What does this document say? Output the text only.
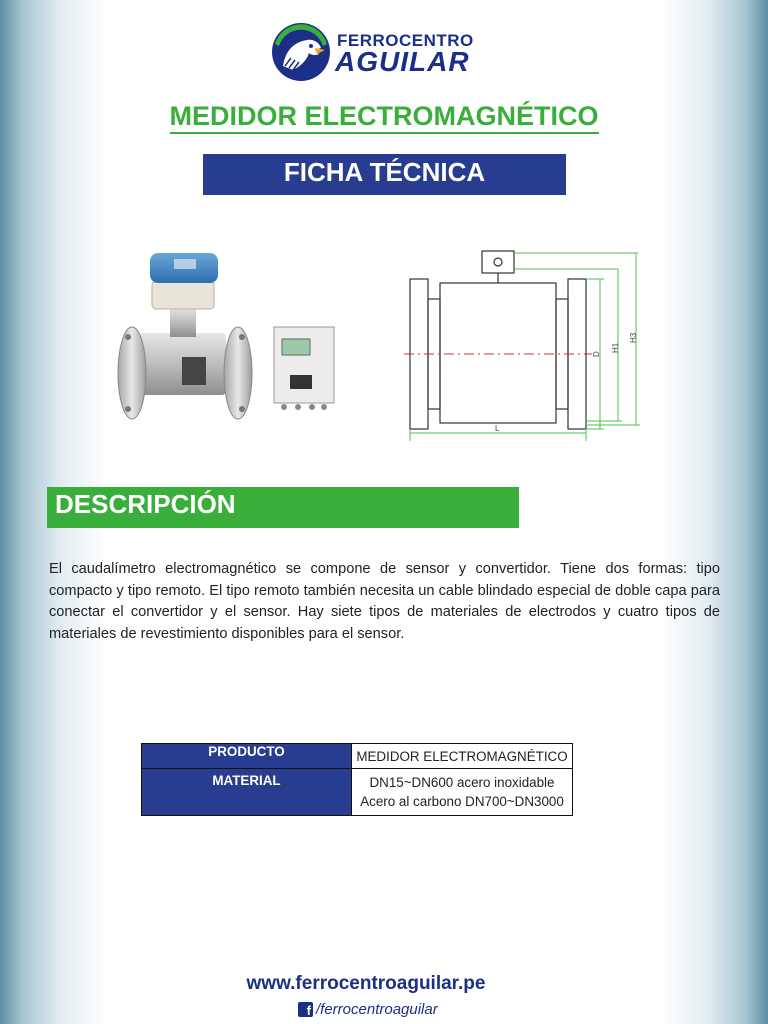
FERROCENTRO
AGUILAR
MEDIDOR ELECTROMAGNÉTICO
FICHA TÉCNICA
L
D
H1
H3
DESCRIPCIÓN
El caudalímetro electromagnético se compone de sensor y convertidor. Tiene dos formas: tipo compacto y tipo remoto. El tipo remoto también necesita un cable blindado especial de doble capa para conectar el convertidor y el sensor. Hay siete tipos de materiales de electrodos y cuatro tipos de materiales de revestimiento disponibles para el sensor.
PRODUCTO	MEDIDOR ELECTROMAGNÉTICO
MATERIAL	DN15~DN600 acero inoxidable
Acero al carbono DN700~DN3000
www.ferrocentroaguilar.pe
f /ferrocentroaguilar
